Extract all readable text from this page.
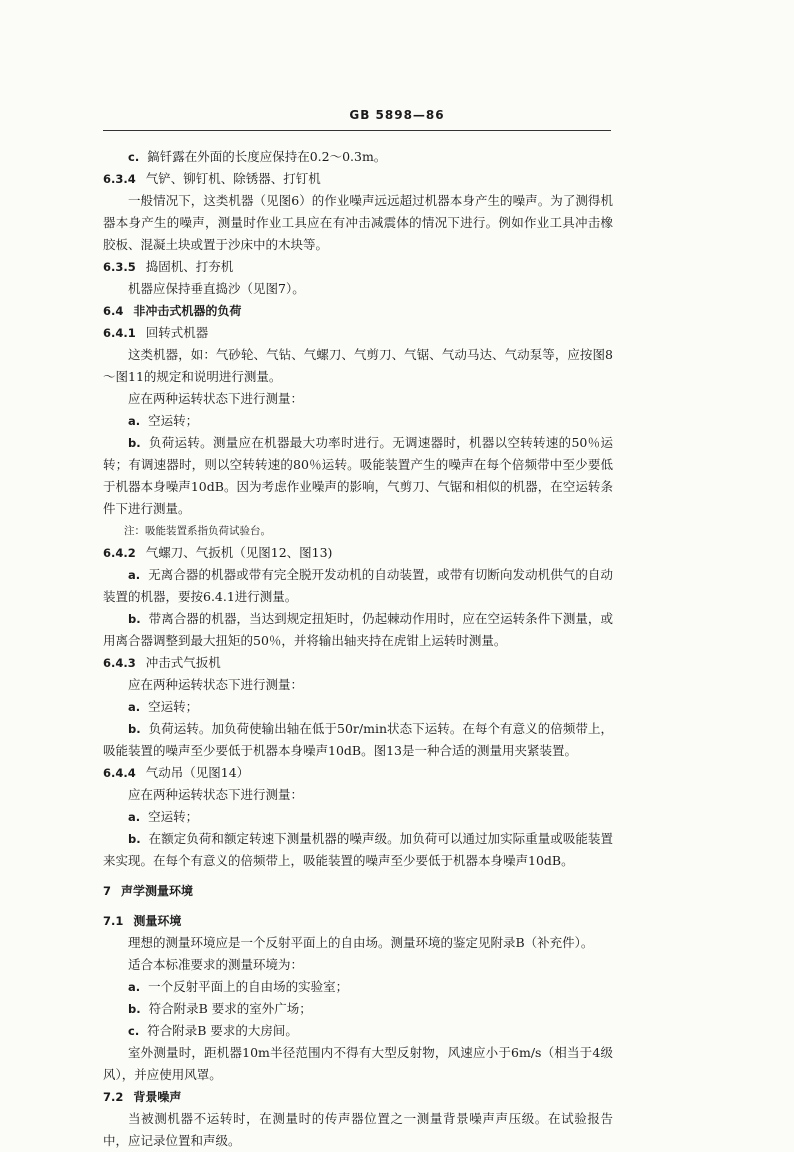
GB 5898—86
c. 鎬钎露在外面的长度应保持在0.2～0.3m。
6.3.4 气铲、铆钉机、除锈器、打钉机
一般情况下，这类机器（见图6）的作业噪声远远超过机器本身产生的噪声。为了测得机器本身产生的噪声，测量时作业工具应在有冲击减震体的情况下进行。例如作业工具冲击橡胶板、混凝土块或置于沙床中的木块等。
6.3.5 捣固机、打夯机
机器应保持垂直捣沙（见图7）。
6.4 非冲击式机器的负荷
6.4.1 回转式机器
这类机器，如：气砂轮、气钻、气螺刀、气剪刀、气锯、气动马达、气动泵等，应按图8～图11的规定和说明进行测量。
应在两种运转状态下进行测量：
a. 空运转；
b. 负荷运转。测量应在机器最大功率时进行。无调速器时，机器以空转转速的50％运转；有调速器时，则以空转转速的80％运转。吸能装置产生的噪声在每个倍频带中至少要低于机器本身噪声10dB。因为考虑作业噪声的影响，气剪刀、气锯和相似的机器，在空运转条件下进行测量。
注：吸能装置系指负荷试验台。
6.4.2 气螺刀、气扳机（见图12、图13)
a. 无离合器的机器或带有完全脱开发动机的自动装置，或带有切断向发动机供气的自动装置的机器，要按6.4.1进行测量。
b. 带离合器的机器，当达到规定扭矩时，仍起棘动作用时，应在空运转条件下测量，或用离合器调整到最大扭矩的50％，并将输出轴夹持在虎钳上运转时测量。
6.4.3 冲击式气扳机
应在两种运转状态下进行测量：
a. 空运转；
b. 负荷运转。加负荷使输出轴在低于50r/min状态下运转。在每个有意义的倍频带上，吸能装置的噪声至少要低于机器本身噪声10dB。图13是一种合适的测量用夹紧装置。
6.4.4 气动吊（见图14）
应在两种运转状态下进行测量：
a. 空运转；
b. 在额定负荷和额定转速下测量机器的噪声级。加负荷可以通过加实际重量或吸能装置来实现。在每个有意义的倍频带上，吸能装置的噪声至少要低于机器本身噪声10dB。
7 声学测量环境
7.1 测量环境
理想的测量环境应是一个反射平面上的自由场。测量环境的鉴定见附录B（补充件）。
适合本标准要求的测量环境为：
a. 一个反射平面上的自由场的实验室；
b. 符合附录B 要求的室外广场；
c. 符合附录B 要求的大房间。
室外测量时，距机器10m半径范围内不得有大型反射物，风速应小于6m/s（相当于4级风），并应使用风罩。
7.2 背景噪声
当被测机器不运转时，在测量时的传声器位置之一测量背景噪声声压级。在试验报告中，应记录位置和声级。
